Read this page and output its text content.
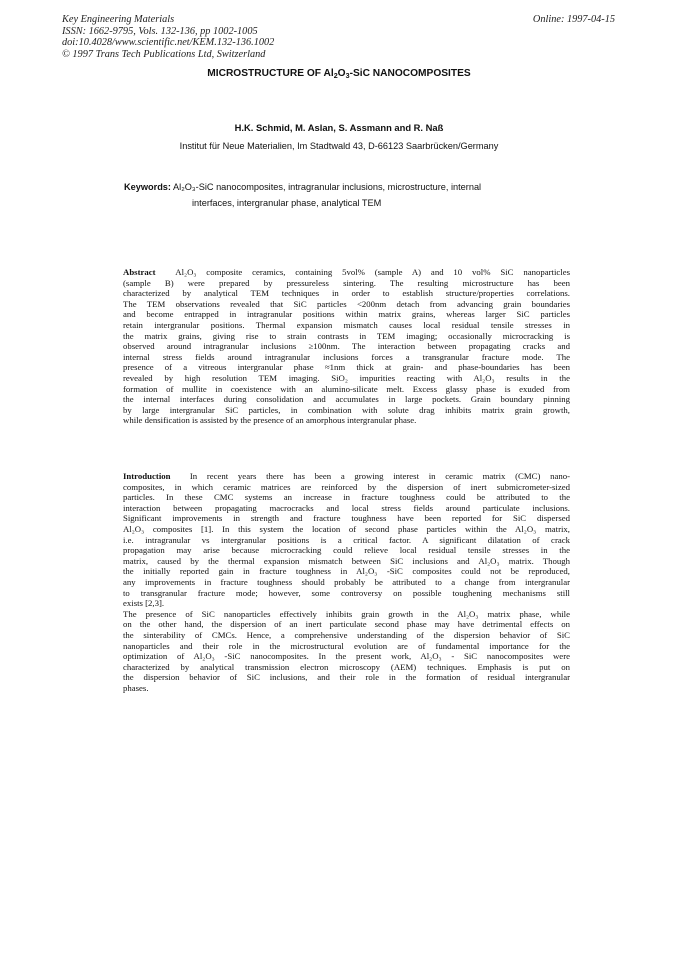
Key Engineering Materials
ISSN: 1662-9795, Vols. 132-136, pp 1002-1005
doi:10.4028/www.scientific.net/KEM.132-136.1002
© 1997 Trans Tech Publications Ltd, Switzerland
Online: 1997-04-15
MICROSTRUCTURE OF $Al_2O_3$-SiC NANOCOMPOSITES
H.K. Schmid, M. Aslan, S. Assmann and R. Naß
Institut für Neue Materialien, Im Stadtwald 43, D-66123 Saarbrücken/Germany
Keywords: Al₂O₃-SiC nanocomposites, intragranular inclusions, microstructure, internal
interfaces, intergranular phase, analytical TEM
Abstract Al₂O₃ composite ceramics, containing 5vol% (sample A) and 10 vol% SiC nanoparticles
(sample B) were prepared by pressureless sintering. The resulting microstructure has been
characterized by analytical TEM techniques in order to establish structure/properties correlations.
The TEM observations revealed that SiC particles <200nm detach from advancing grain boundaries
and become entrapped in intragranular positions within matrix grains, whereas larger SiC particles
retain intergranular positions. Thermal expansion mismatch causes local residual tensile stresses in
the matrix grains, giving rise to strain contrasts in TEM imaging; occasionally microcracking is
observed around intragranular inclusions ≥100nm. The interaction between propagating cracks and
internal stress fields around intragranular inclusions forces a transgranular fracture mode. The
presence of a vitreous intergranular phase ≈1nm thick at grain- and phase-boundaries has been
revealed by high resolution TEM imaging. SiO₂ impurities reacting with Al₂O₃ results in the
formation of mullite in coexistence with an alumino-silicate melt. Excess glassy phase is exuded from
the internal interfaces during consolidation and accumulates in large pockets. Grain boundary pinning
by large intergranular SiC particles, in combination with solute drag inhibits matrix grain growth,
while densification is assisted by the presence of an amorphous intergranular phase.
Introduction In recent years there has been a growing interest in ceramic matrix (CMC) nano-
composites, in which ceramic matrices are reinforced by the dispersion of inert submicrometer-sized
particles. In these CMC systems an increase in fracture toughness could be attributed to the
interaction between propagating macrocracks and local stress fields around particulate inclusions.
Significant improvements in strength and fracture toughness have been reported for SiC dispersed
Al₂O₃ composites [1]. In this system the location of second phase particles within the Al₂O₃ matrix,
i.e. intragranular vs intergranular positions is a critical factor. A significant dilatation of crack
propagation may arise because microcracking could relieve local residual tensile stresses in the
matrix, caused by the thermal expansion mismatch between SiC inclusions and Al₂O₃ matrix. Though
the initially reported gain in fracture toughness in Al₂O₃ -SiC composites could not be reproduced,
any improvements in fracture toughness should probably be attributed to a change from intergranular
to transgranular fracture mode; however, some controversy on possible toughening mechanisms still
exists [2,3].
The presence of SiC nanoparticles effectively inhibits grain growth in the Al₂O₃ matrix phase, while
on the other hand, the dispersion of an inert particulate second phase may have detrimental effects on
the sinterability of CMCs. Hence, a comprehensive understanding of the dispersion behavior of SiC
nanoparticles and their role in the microstructural evolution are of fundamental importance for the
optimization of Al₂O₃ -SiC nanocomposites. In the present work, Al₂O₃ - SiC nanocomposites were
characterized by analytical transmission electron microscopy (AEM) techniques. Emphasis is put on
the dispersion behavior of SiC inclusions, and their role in the formation of residual intergranular
phases.
